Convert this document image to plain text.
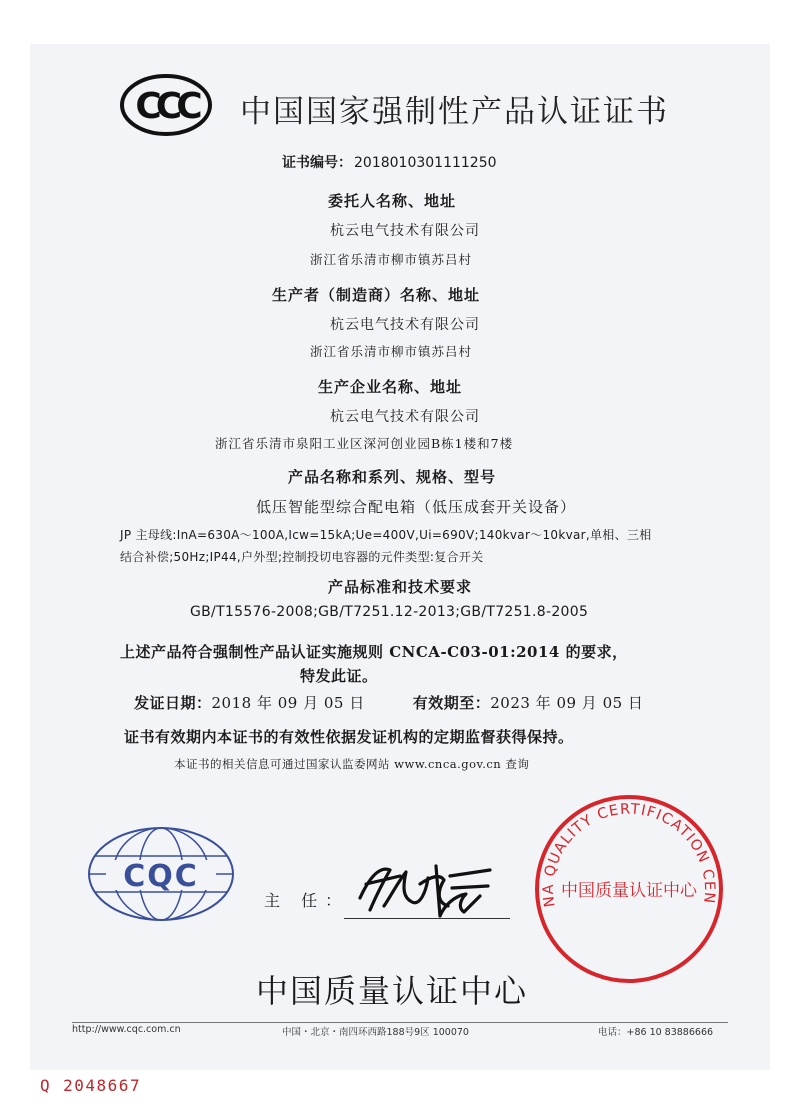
CCC 中国国家强制性产品认证证书
证书编号： 2018010301111250
委托人名称、地址
杭云电气技术有限公司
浙江省乐清市柳市镇苏吕村
生产者（制造商）名称、地址
杭云电气技术有限公司
浙江省乐清市柳市镇苏吕村
生产企业名称、地址
杭云电气技术有限公司
浙江省乐清市泉阳工业区深河创业园B栋1楼和7楼
产品名称和系列、规格、型号
低压智能型综合配电箱（低压成套开关设备）
JP 主母线:InA=630A～100A,Icw=15kA;Ue=400V,Ui=690V;140kvar～10kvar,单相、三相
结合补偿;50Hz;IP44,户外型;控制投切电容器的元件类型:复合开关
产品标准和技术要求
GB/T15576-2008;GB/T7251.12-2013;GB/T7251.8-2005
上述产品符合强制性产品认证实施规则 CNCA-C03-01:2014 的要求，
特发此证。
发证日期：2018 年 09 月 05 日	有效期至：2023 年 09 月 05 日
证书有效期内本证书的有效性依据发证机构的定期监督获得保持。
本证书的相关信息可通过国家认监委网站 www.cnca.gov.cn 查询
CQC
主 任：	NA QUALITY CERTIFICATION CEN
中国质量认证中心
中国质量认证中心
http://www.cqc.com.cn	中国・北京・南四环西路188号9区 100070	电话：+86 10 83886666
Q 2048667
